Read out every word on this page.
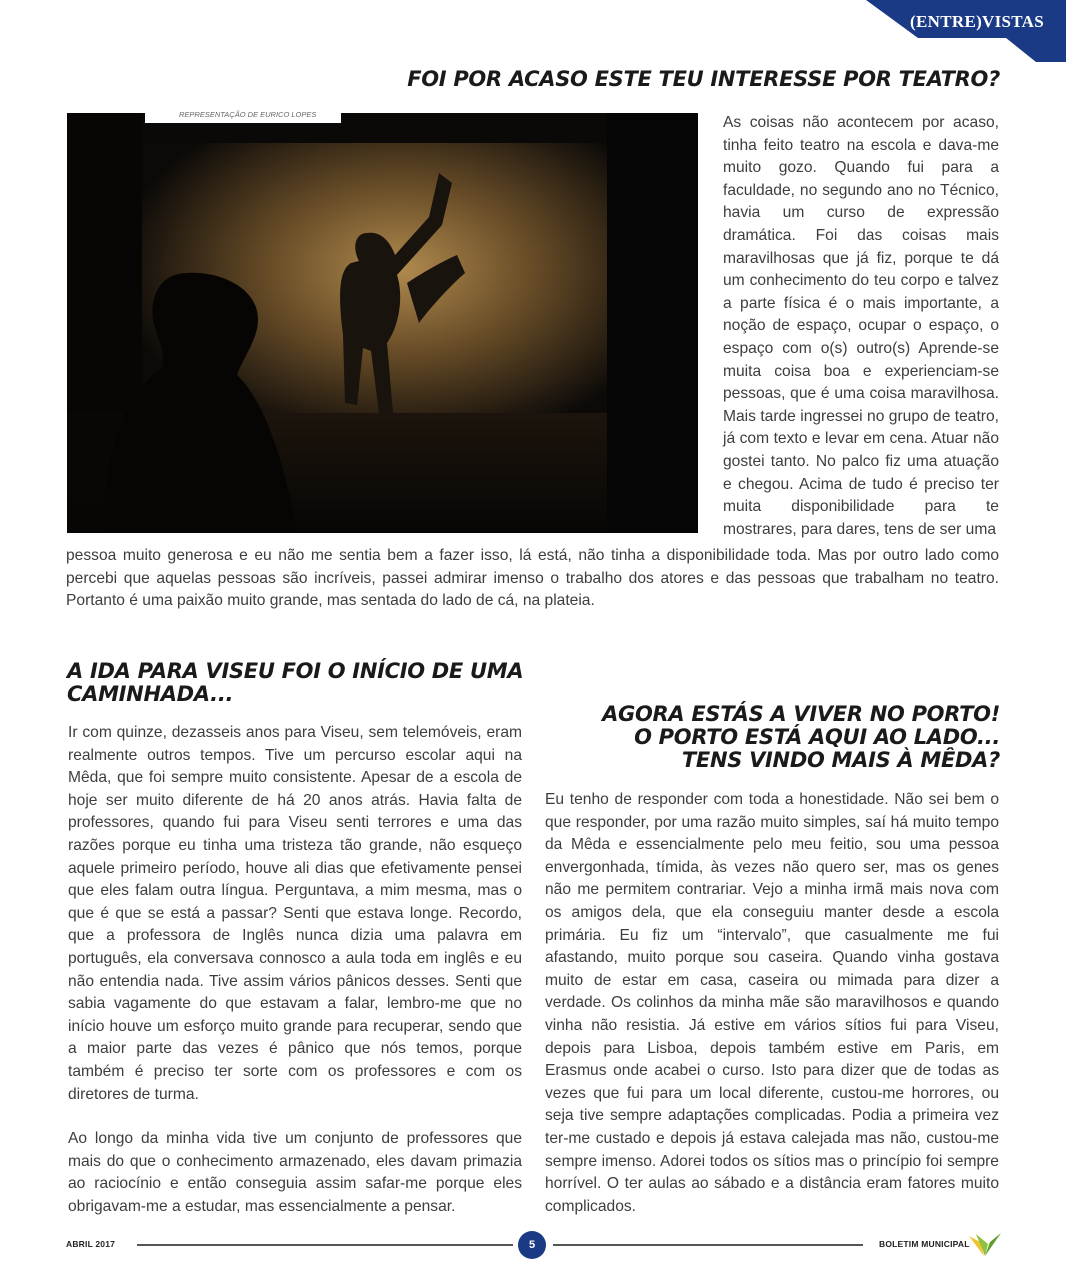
(ENTRE)VISTAS
FOI POR ACASO ESTE TEU INTERESSE POR TEATRO?
REPRESENTAÇÃO DE EURICO LOPES	As coisas não acontecem por acaso, tinha feito teatro na escola e dava-me muito gozo. Quando fui para a faculdade, no segundo ano no Técnico, havia um curso de expressão dramática. Foi das coisas mais maravilhosas que já fiz, porque te dá um conhecimento do teu corpo e talvez a parte física é o mais importante, a noção de espaço, ocupar o espaço, o espaço com o(s) outro(s) Aprende-se muita coisa boa e experienciam-se pessoas, que é uma coisa maravilhosa. Mais tarde ingressei no grupo de teatro, já com texto e levar em cena. Atuar não gostei tanto. No palco fiz uma atuação e chegou. Acima de tudo é preciso ter muita disponibilidade para te mostrares, para dares, tens de ser uma

pessoa muito generosa e eu não me sentia bem a fazer isso, lá está, não tinha a disponibilidade toda. Mas por outro lado como percebi que aquelas pessoas são incríveis, passei admirar imenso o trabalho dos atores e das pessoas que trabalham no teatro. Portanto é uma paixão muito grande, mas sentada do lado de cá, na plateia.

A IDA PARA VISEU FOI O INÍCIO DE UMA CAMINHADA...

Ir com quinze, dezasseis anos para Viseu, sem telemóveis, eram realmente outros tempos. Tive um percurso escolar aqui na Mêda, que foi sempre muito consistente. Apesar de a escola de hoje ser muito diferente de há 20 anos atrás. Havia falta de professores, quando fui para Viseu senti terrores e uma das razões porque eu tinha uma tristeza tão grande, não esqueço aquele primeiro período, houve ali dias que efetivamente pensei que eles falam outra língua. Perguntava, a mim mesma, mas o que é que se está a passar? Senti que estava longe. Recordo, que a professora de Inglês nunca dizia uma palavra em português, ela conversava connosco a aula toda em inglês e eu não entendia nada. Tive assim vários pânicos desses. Senti que sabia vagamente do que estavam a falar, lembro-me que no início houve um esforço muito grande para recuperar, sendo que a maior parte das vezes é pânico que nós temos, porque também é preciso ter sorte com os professores e com os diretores de turma.

Ao longo da minha vida tive um conjunto de professores que mais do que o conhecimento armazenado, eles davam primazia ao raciocínio e então conseguia assim safar-me porque eles obrigavam-me a estudar, mas essencialmente a pensar.

AGORA ESTÁS A VIVER NO PORTO!
O PORTO ESTÁ AQUI AO LADO...
TENS VINDO MAIS À MÊDA?

Eu tenho de responder com toda a honestidade. Não sei bem o que responder, por uma razão muito simples, saí há muito tempo da Mêda e essencialmente pelo meu feitio, sou uma pessoa envergonhada, tímida, às vezes não quero ser, mas os genes não me permitem contrariar. Vejo a minha irmã mais nova com os amigos dela, que ela conseguiu manter desde a escola primária. Eu fiz um “intervalo”, que casualmente me fui afastando, muito porque sou caseira. Quando vinha gostava muito de estar em casa, caseira ou mimada para dizer a verdade. Os colinhos da minha mãe são maravilhosos e quando vinha não resistia. Já estive em vários sítios fui para Viseu, depois para Lisboa, depois também estive em Paris, em Erasmus onde acabei o curso. Isto para dizer que de todas as vezes que fui para um local diferente, custou-me horrores, ou seja tive sempre adaptações complicadas. Podia a primeira vez ter-me custado e depois já estava calejada mas não, custou-me sempre imenso. Adorei todos os sítios mas o princípio foi sempre horrível. O ter aulas ao sábado e a distância eram fatores muito complicados.

ABRIL 2017	5	BOLETIM MUNICIPAL
